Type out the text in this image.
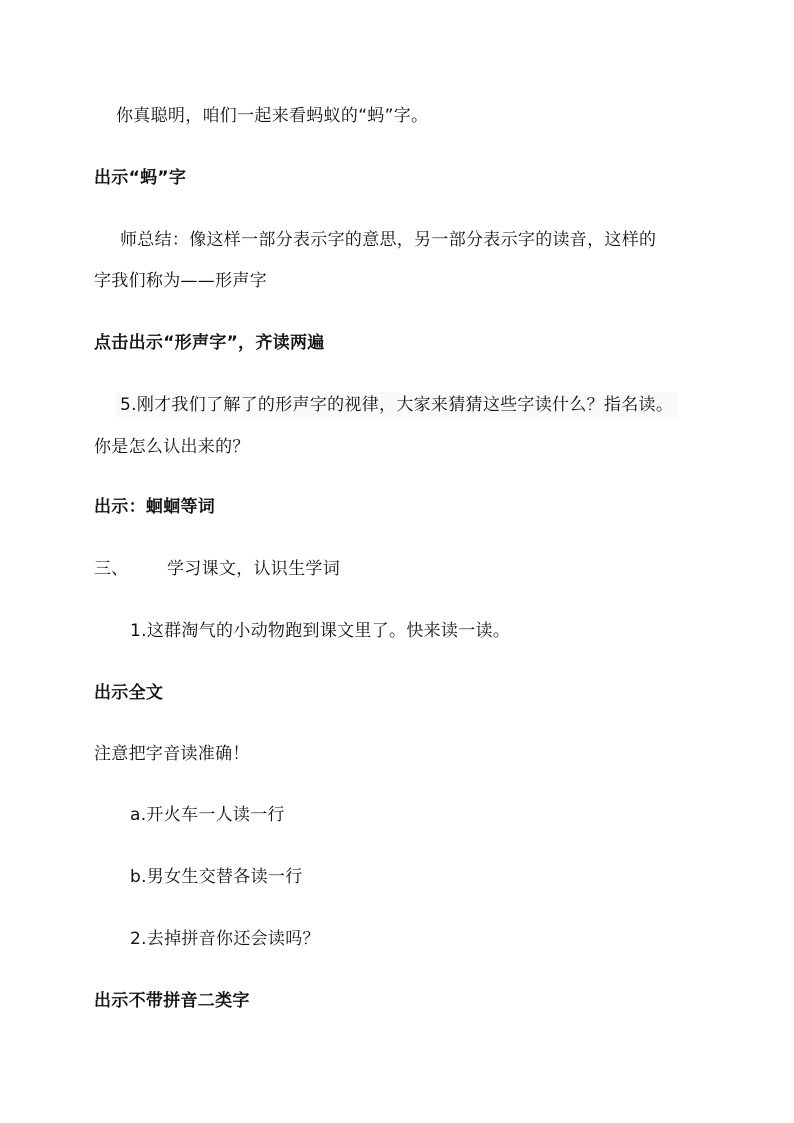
你真聪明，咱们一起来看蚂蚁的“蚂”字。
出示“蚂”字
师总结：像这样一部分表示字的意思，另一部分表示字的读音，这样的
字我们称为——形声字
点击出示“形声字”，齐读两遍
5.刚才我们了解了的形声字的视律，大家来猜猜这些字读什么？指名读。
你是怎么认出来的？
出示：蛔蛔等词
三、 学习课文，认识生学词
1.这群淘气的小动物跑到课文里了。快来读一读。
出示全文
注意把字音读准确！
a.开火车一人读一行
b.男女生交替各读一行
2.去掉拼音你还会读吗？
出示不带拼音二类字
